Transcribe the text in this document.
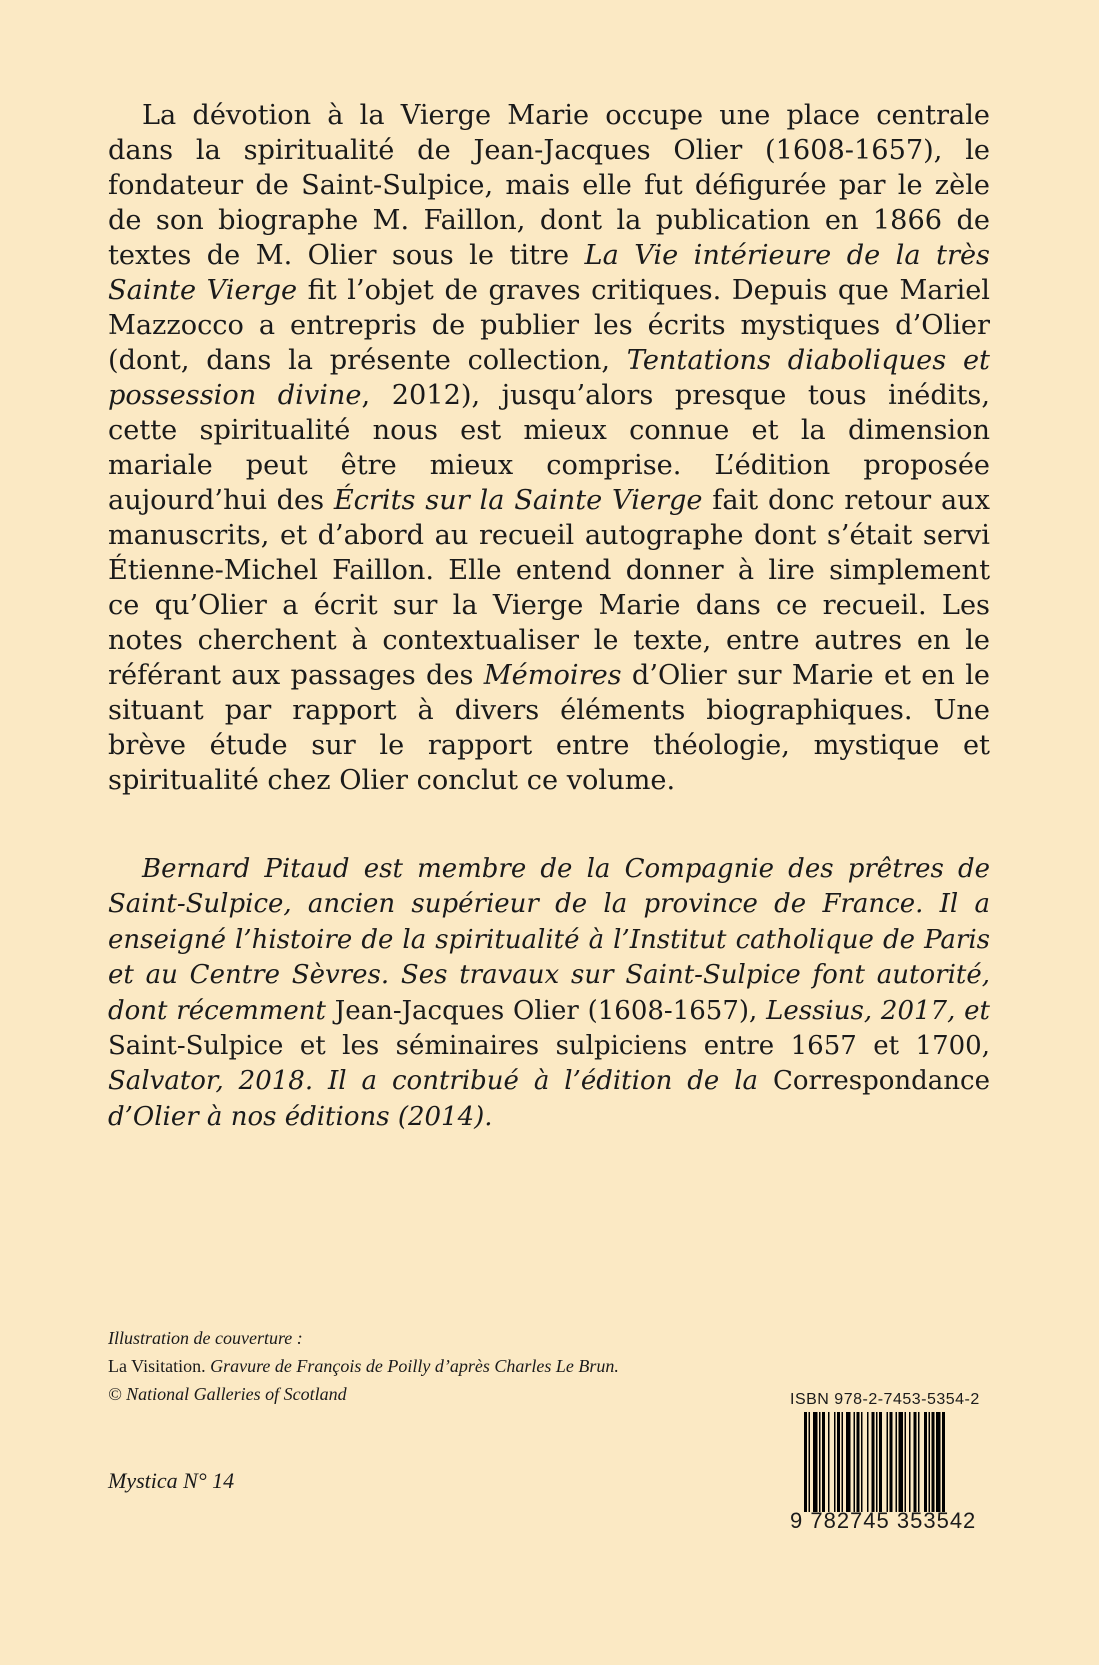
La dévotion à la Vierge Marie occupe une place centrale dans la spiritualité de Jean-Jacques Olier (1608-1657), le fondateur de Saint-Sulpice, mais elle fut défigurée par le zèle de son biographe M. Faillon, dont la publication en 1866 de textes de M. Olier sous le titre La Vie intérieure de la très Sainte Vierge fit l’objet de graves critiques. Depuis que Mariel Mazzocco a entrepris de publier les écrits mystiques d’Olier (dont, dans la présente collection, Tentations diaboliques et possession divine, 2012), jusqu’alors presque tous inédits, cette spiritualité nous est mieux connue et la dimension mariale peut être mieux comprise. L’édition proposée aujourd’hui des Écrits sur la Sainte Vierge fait donc retour aux manuscrits, et d’abord au recueil autographe dont s’était servi Étienne-Michel Faillon. Elle entend donner à lire simplement ce qu’Olier a écrit sur la Vierge Marie dans ce recueil. Les notes cherchent à contextualiser le texte, entre autres en le référant aux passages des Mémoires d’Olier sur Marie et en le situant par rapport à divers éléments biographiques. Une brève étude sur le rapport entre théologie, mystique et spiritualité chez Olier conclut ce volume.

Bernard Pitaud est membre de la Compagnie des prêtres de Saint-Sulpice, ancien supérieur de la province de France. Il a enseigné l’histoire de la spiritualité à l’Institut catholique de Paris et au Centre Sèvres. Ses travaux sur Saint-Sulpice font autorité, dont récemment Jean-Jacques Olier (1608-1657), Lessius, 2017, et Saint-Sulpice et les séminaires sulpiciens entre 1657 et 1700, Salvator, 2018. Il a contribué à l’édition de la Correspondance d’Olier à nos éditions (2014).
Illustration de couverture :
La Visitation. Gravure de François de Poilly d’après Charles Le Brun.
© National Galleries of Scotland
Mystica N° 14
ISBN 978-2-7453-5354-2
9 782745 353542
